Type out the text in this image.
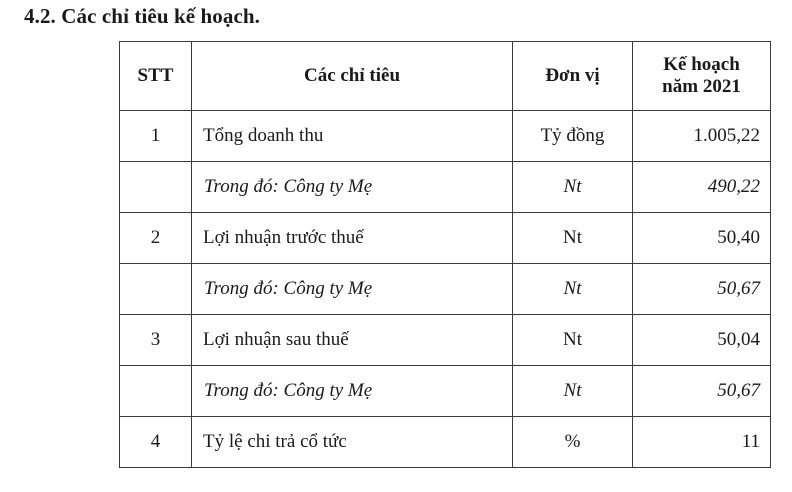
4.2. Các chỉ tiêu kế hoạch.
STT	Các chỉ tiêu	Đơn vị	Kế hoạch
năm 2021

1	Tổng doanh thu	Tỷ đồng	1.005,22
	Trong đó: Công ty Mẹ	Nt	490,22
2	Lợi nhuận trước thuế	Nt	50,40
	Trong đó: Công ty Mẹ	Nt	50,67
3	Lợi nhuận sau thuế	Nt	50,04
	Trong đó: Công ty Mẹ	Nt	50,67
4	Tỷ lệ chi trả cổ tức	%	11
